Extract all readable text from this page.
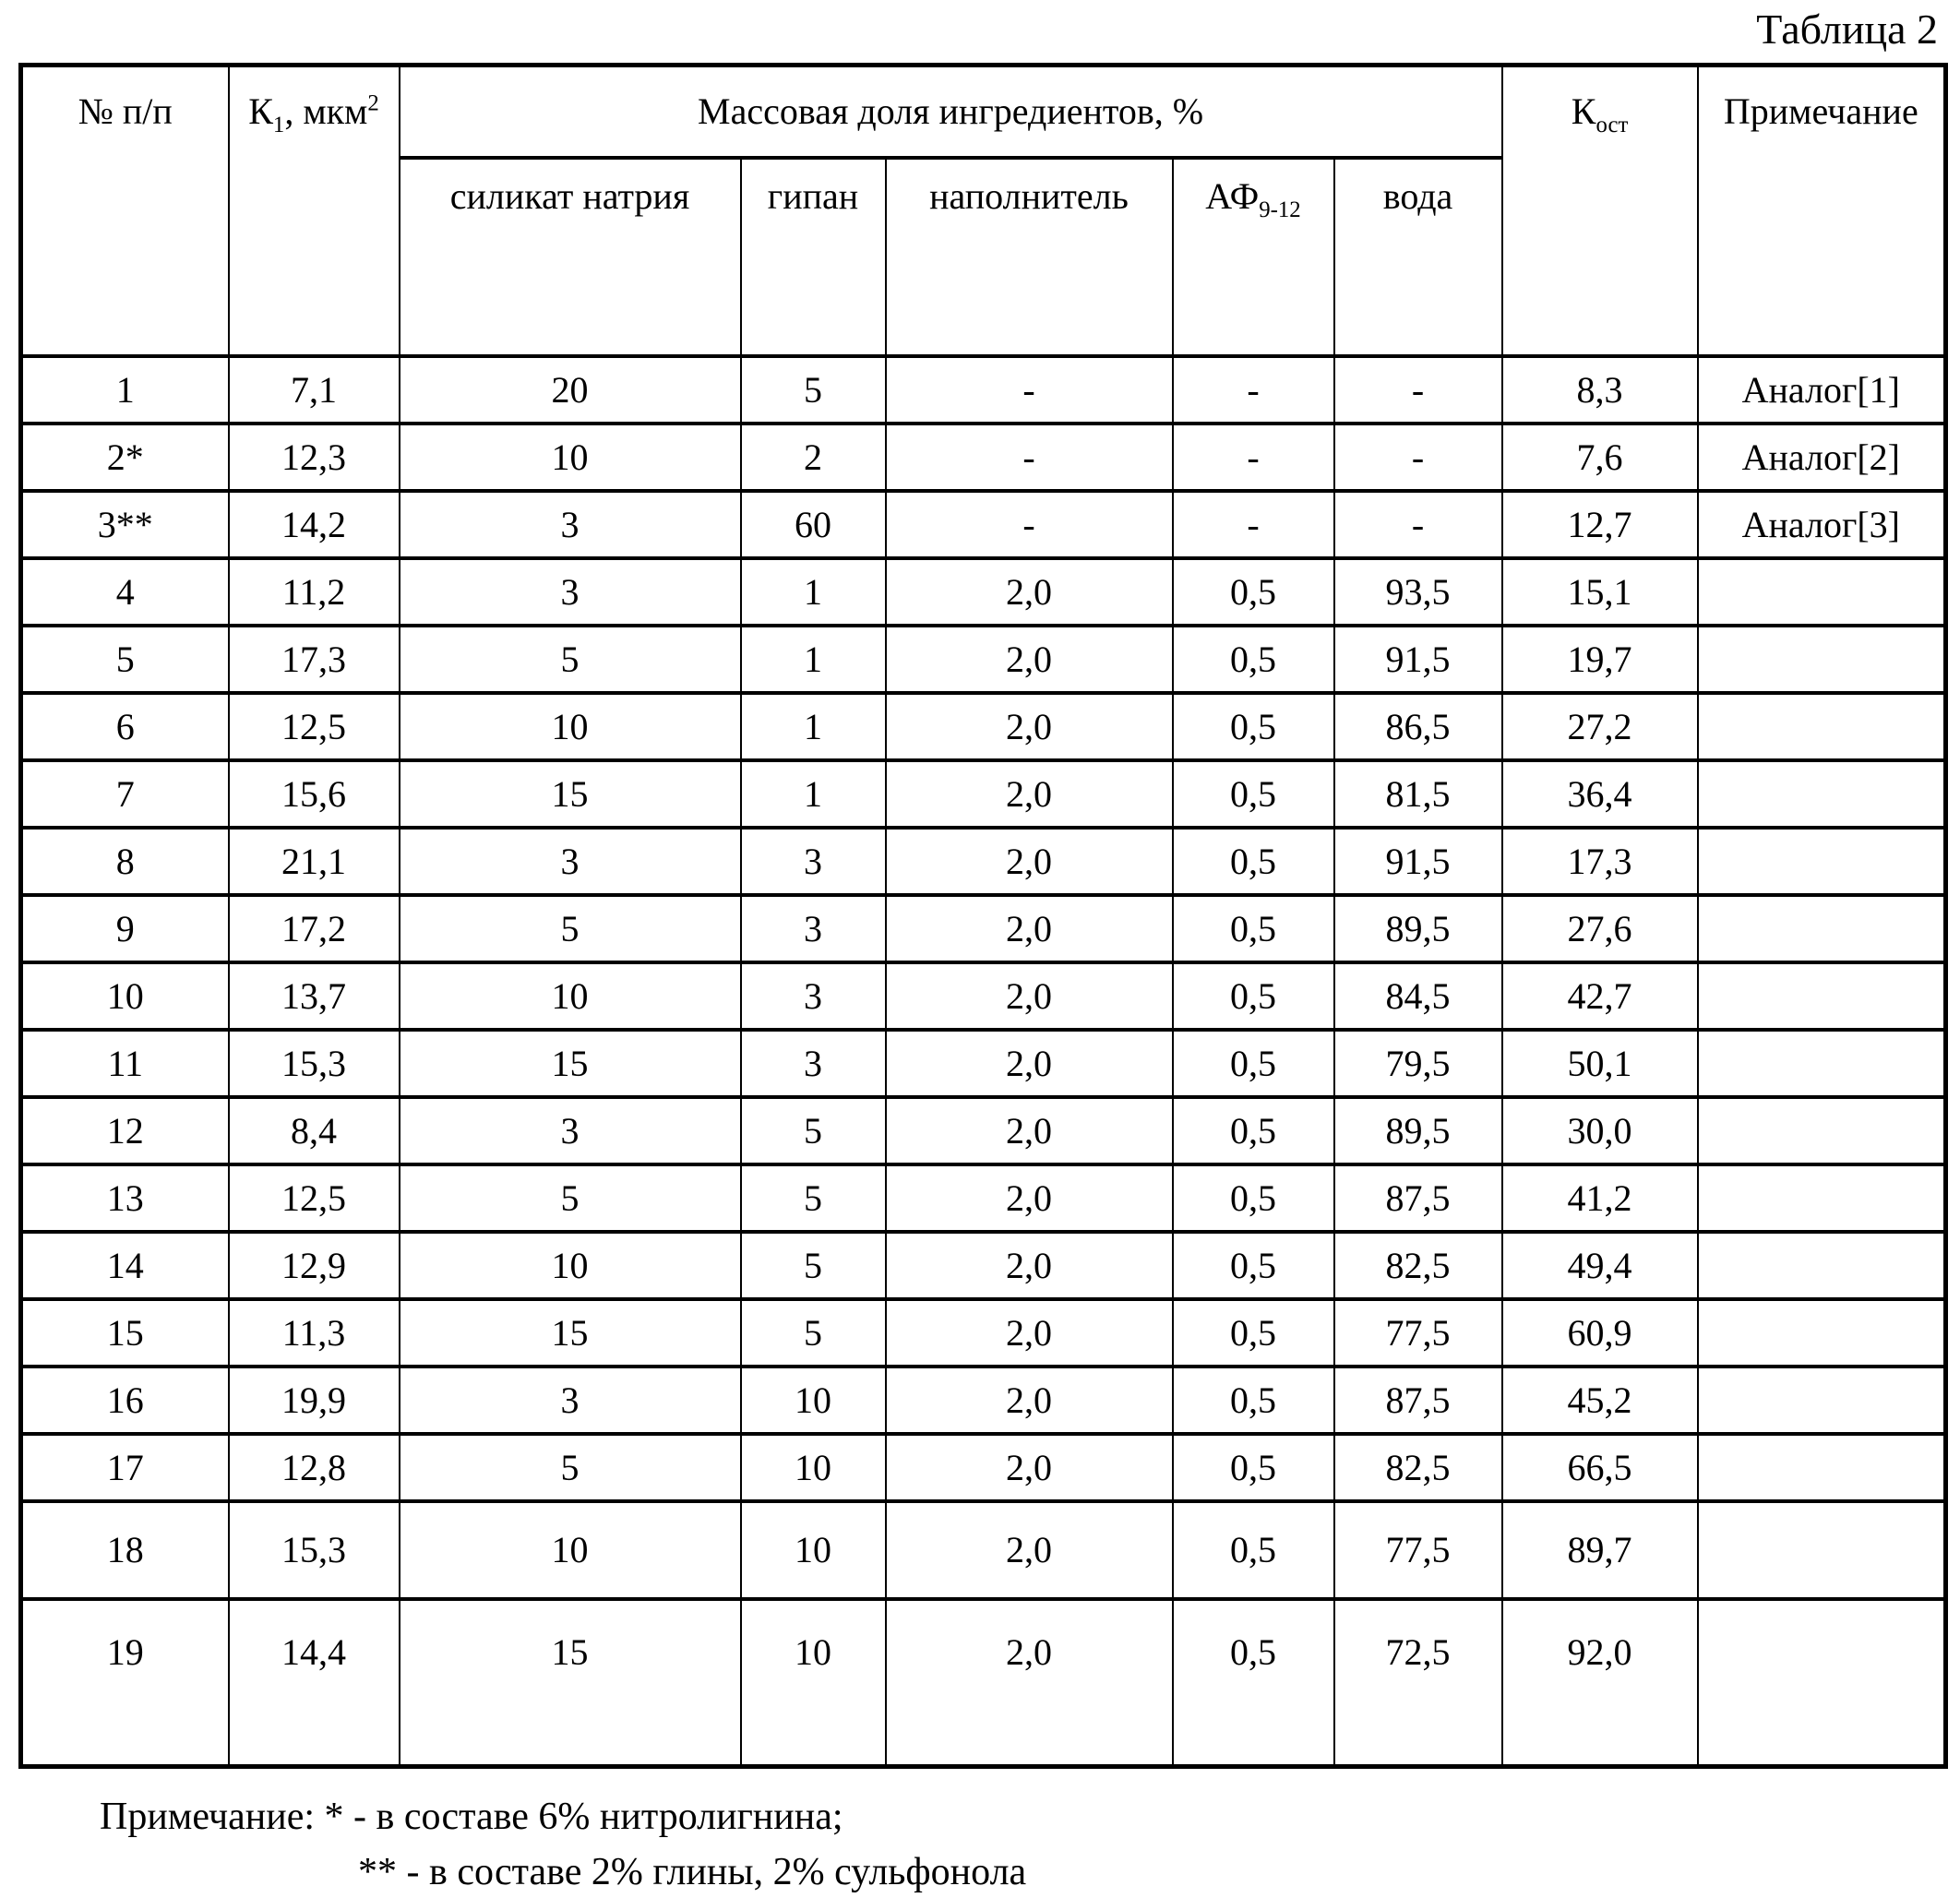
Таблица 2
№ п/п	$К_1$, мкм$^2$	Массовая доля ингредиентов, %					$К_{ост}$	Примечание
		силикат натрия	гипан	наполнитель	$АФ_{9-12}$	вода		
1	7,1	20	5	-	-	-	8,3	Аналог[1]
2*	12,3	10	2	-	-	-	7,6	Аналог[2]
3**	14,2	3	60	-	-	-	12,7	Аналог[3]
4	11,2	3	1	2,0	0,5	93,5	15,1	
5	17,3	5	1	2,0	0,5	91,5	19,7	
6	12,5	10	1	2,0	0,5	86,5	27,2	
7	15,6	15	1	2,0	0,5	81,5	36,4	
8	21,1	3	3	2,0	0,5	91,5	17,3	
9	17,2	5	3	2,0	0,5	89,5	27,6	
10	13,7	10	3	2,0	0,5	84,5	42,7	
11	15,3	15	3	2,0	0,5	79,5	50,1	
12	8,4	3	5	2,0	0,5	89,5	30,0	
13	12,5	5	5	2,0	0,5	87,5	41,2	
14	12,9	10	5	2,0	0,5	82,5	49,4	
15	11,3	15	5	2,0	0,5	77,5	60,9	
16	19,9	3	10	2,0	0,5	87,5	45,2	
17	12,8	5	10	2,0	0,5	82,5	66,5	
18	15,3	10	10	2,0	0,5	77,5	89,7	
19	14,4	15	10	2,0	0,5	72,5	92,0	
Примечание: * - в составе 6% нитролигнина;
** - в составе 2% глины, 2% сульфонола
